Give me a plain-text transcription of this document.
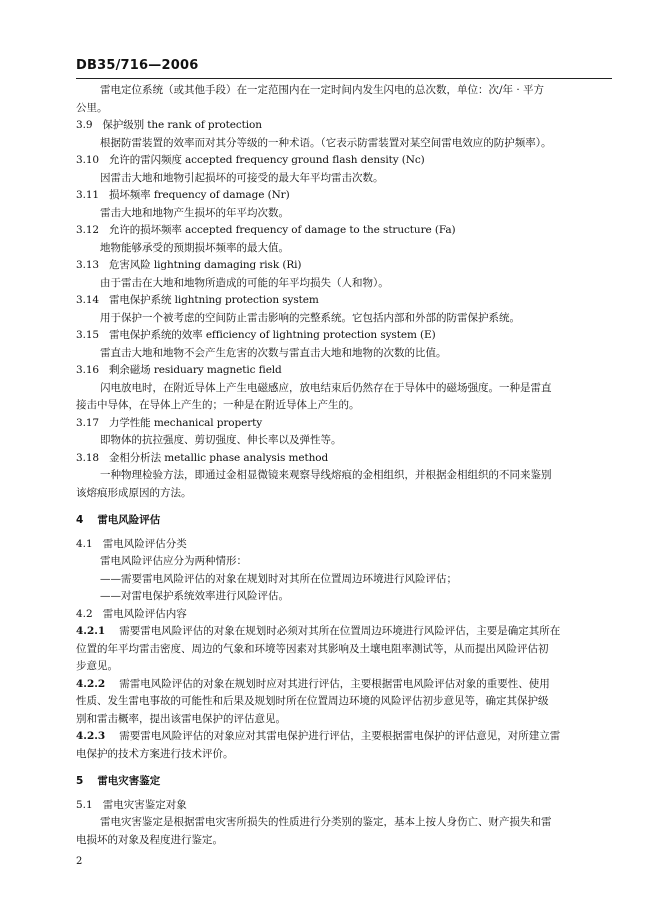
DB35/716—2006
雷电定位系统（或其他手段）在一定范围内在一定时间内发生闪电的总次数，单位：次/年 · 平方
公里。
3.9 保护级别 the rank of protection
根据防雷装置的效率而对其分等级的一种术语。（它表示防雷装置对某空间雷电效应的防护频率）。
3.10 允许的雷闪频度 accepted frequency ground flash density (Nc)
因雷击大地和地物引起损坏的可接受的最大年平均雷击次数。
3.11 损坏频率 frequency of damage (Nr)
雷击大地和地物产生损坏的年平均次数。
3.12 允许的损坏频率 accepted frequency of damage to the structure (Fa)
地物能够承受的预期损坏频率的最大值。
3.13 危害风险 lightning damaging risk (Ri)
由于雷击在大地和地物所造成的可能的年平均损失（人和物）。
3.14 雷电保护系统 lightning protection system
用于保护一个被考虑的空间防止雷击影响的完整系统。它包括内部和外部的防雷保护系统。
3.15 雷电保护系统的效率 efficiency of lightning protection system (E)
雷直击大地和地物不会产生危害的次数与雷直击大地和地物的次数的比值。
3.16 剩余磁场 residuary magnetic field
闪电放电时，在附近导体上产生电磁感应，放电结束后仍然存在于导体中的磁场强度。一种是雷直
接击中导体，在导体上产生的；一种是在附近导体上产生的。
3.17 力学性能 mechanical property
即物体的抗拉强度、剪切强度、伸长率以及弹性等。
3.18 金相分析法 metallic phase analysis method
一种物理检验方法，即通过金相显微镜来观察导线熔痕的金相组织，并根据金相组织的不同来鉴别
该熔痕形成原因的方法。
4 雷电风险评估
4.1 雷电风险评估分类
雷电风险评估应分为两种情形：
——需要雷电风险评估的对象在规划时对其所在位置周边环境进行风险评估；
——对雷电保护系统效率进行风险评估。
4.2 雷电风险评估内容
4.2.1 需要雷电风险评估的对象在规划时必须对其所在位置周边环境进行风险评估，主要是确定其所在
位置的年平均雷击密度、周边的气象和环境等因素对其影响及土壤电阻率测试等，从而提出风险评估初
步意见。
4.2.2 需雷电风险评估的对象在规划时应对其进行评估，主要根据雷电风险评估对象的重要性、使用
性质、发生雷电事故的可能性和后果及规划时所在位置周边环境的风险评估初步意见等，确定其保护级
别和雷击概率，提出该雷电保护的评估意见。
4.2.3 需要雷电风险评估的对象应对其雷电保护进行评估，主要根据雷电保护的评估意见，对所建立雷
电保护的技术方案进行技术评价。
5 雷电灾害鉴定
5.1 雷电灾害鉴定对象
雷电灾害鉴定是根据雷电灾害所损失的性质进行分类别的鉴定，基本上按人身伤亡、财产损失和雷
电损坏的对象及程度进行鉴定。
2
